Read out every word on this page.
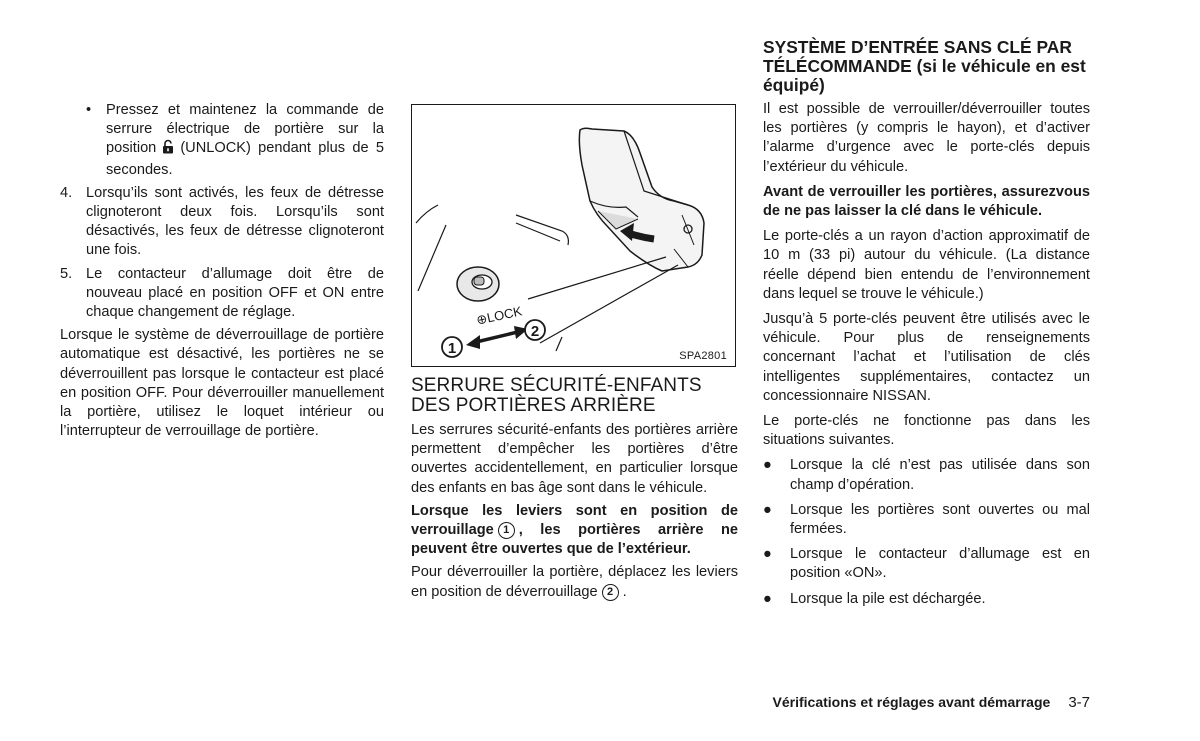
• Pressez et maintenez la commande de serrure électrique de portière sur la position (UNLOCK) pendant plus de 5 secondes.
4. Lorsqu’ils sont activés, les feux de détresse clignoteront deux fois. Lorsqu’ils sont désactivés, les feux de détresse clignoteront une fois.
5. Le contacteur d’allumage doit être de nouveau placé en position OFF et ON entre chaque changement de réglage.

Lorsque le système de déverrouillage de portière automatique est désactivé, les portières ne se déverrouillent pas lorsque le contacteur est placé en position OFF. Pour déverrouiller manuellement la portière, utilisez le loquet intérieur ou l’interrupteur de verrouillage de portière.

1
2
⊕LOCK
SPA2801
SERRURE SÉCURITÉ-ENFANTS DES PORTIÈRES ARRIÈRE

Les serrures sécurité-enfants des portières arrière permettent d’empêcher les portières d’être ouvertes accidentellement, en particulier lorsque des enfants en bas âge sont dans le véhicule.

Lorsque les leviers sont en position de verrouillage 1 , les portières arrière ne peuvent être ouvertes que de l’extérieur.

Pour déverrouiller la portière, déplacez les leviers en position de déverrouillage 2 .

SYSTÈME D’ENTRÉE SANS CLÉ PAR TÉLÉCOMMANDE (si le véhicule en est équipé)

Il est possible de verrouiller/déverrouiller toutes les portières (y compris le hayon), et d’activer l’alarme d’urgence avec le porte-clés depuis l’extérieur du véhicule.

Avant de verrouiller les portières, assurezvous de ne pas laisser la clé dans le véhicule.

Le porte-clés a un rayon d’action approximatif de 10 m (33 pi) autour du véhicule. (La distance réelle dépend bien entendu de l’environnement dans lequel se trouve le véhicule.)

Jusqu’à 5 porte-clés peuvent être utilisés avec le véhicule. Pour plus de renseignements concernant l’achat et l’utilisation de clés intelligentes supplémentaires, contactez un concessionnaire NISSAN.

Le porte-clés ne fonctionne pas dans les situations suivantes.

● Lorsque la clé n’est pas utilisée dans son champ d’opération.
● Lorsque les portières sont ouvertes ou mal fermées.
● Lorsque le contacteur d’allumage est en position «ON».
● Lorsque la pile est déchargée.
Vérifications et réglages avant démarrage 3-7
